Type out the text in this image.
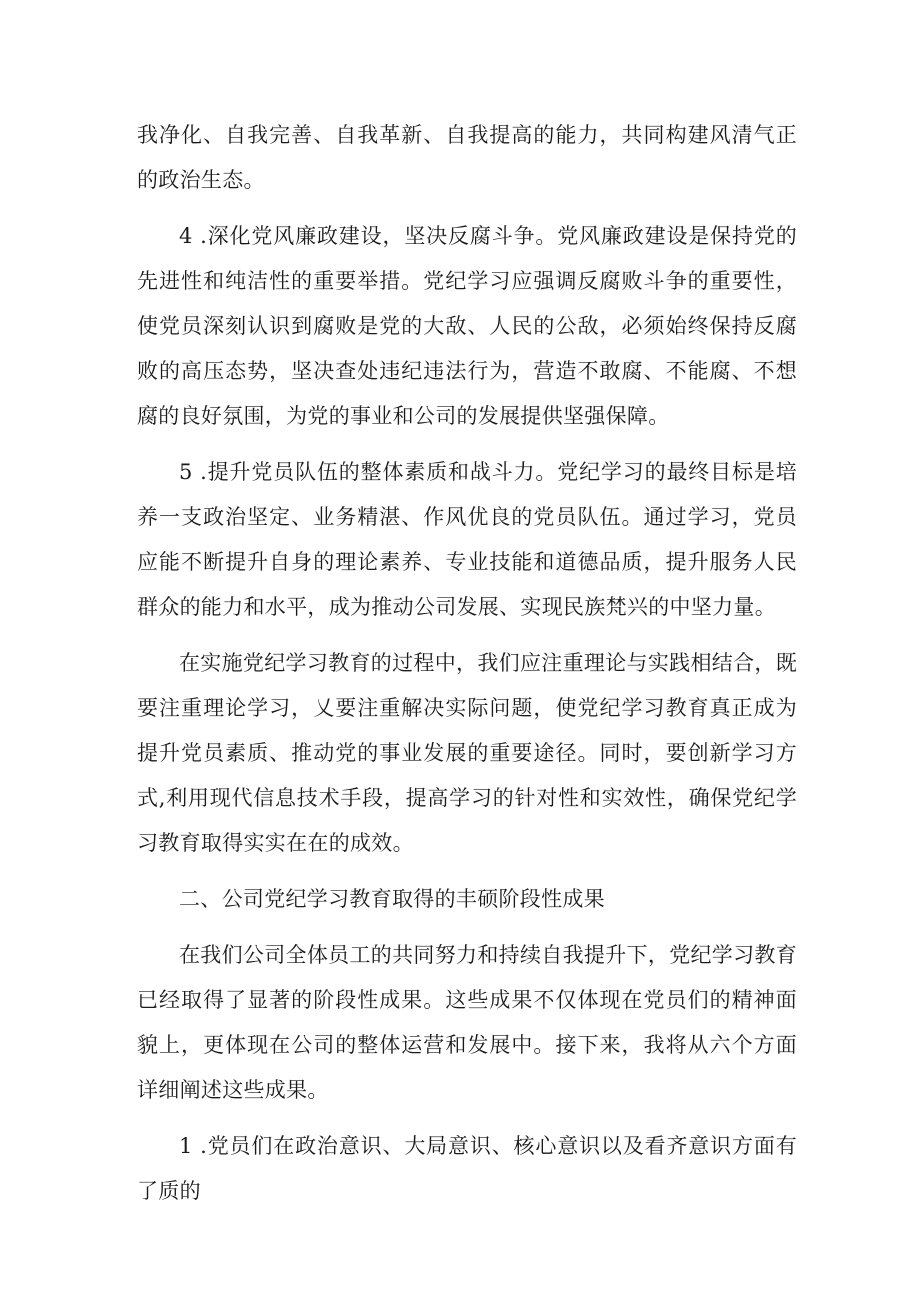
我净化、自我完善、自我革新、自我提高的能力，共同构建风清气正的政治生态。

4 .深化党风廉政建设，坚决反腐斗争。党风廉政建设是保持党的先进性和纯洁性的重要举措。党纪学习应强调反腐败斗争的重要性，使党员深刻认识到腐败是党的大敌、人民的公敌，必须始终保持反腐败的高压态势，坚决查处违纪违法行为，营造不敢腐、不能腐、不想腐的良好氛围，为党的事业和公司的发展提供坚强保障。

5 .提升党员队伍的整体素质和战斗力。党纪学习的最终目标是培养一支政治坚定、业务精湛、作风优良的党员队伍。通过学习，党员应能不断提升自身的理论素养、专业技能和道德品质，提升服务人民群众的能力和水平，成为推动公司发展、实现民族梵兴的中坚力量。

在实施党纪学习教育的过程中，我们应注重理论与实践相结合，既要注重理论学习，乂要注重解决实际问题，使党纪学习教育真正成为提升党员素质、推动党的事业发展的重要途径。同时，要创新学习方式,利用现代信息技术手段，提高学习的针对性和实效性，确保党纪学习教育取得实实在在的成效。

二、公司党纪学习教育取得的丰硕阶段性成果

在我们公司全体员工的共同努力和持续自我提升下，党纪学习教育已经取得了显著的阶段性成果。这些成果不仅体现在党员们的精神面貌上，更体现在公司的整体运营和发展中。接下来，我将从六个方面详细阐述这些成果。

1 .党员们在政治意识、大局意识、核心意识以及看齐意识方面有了质的
